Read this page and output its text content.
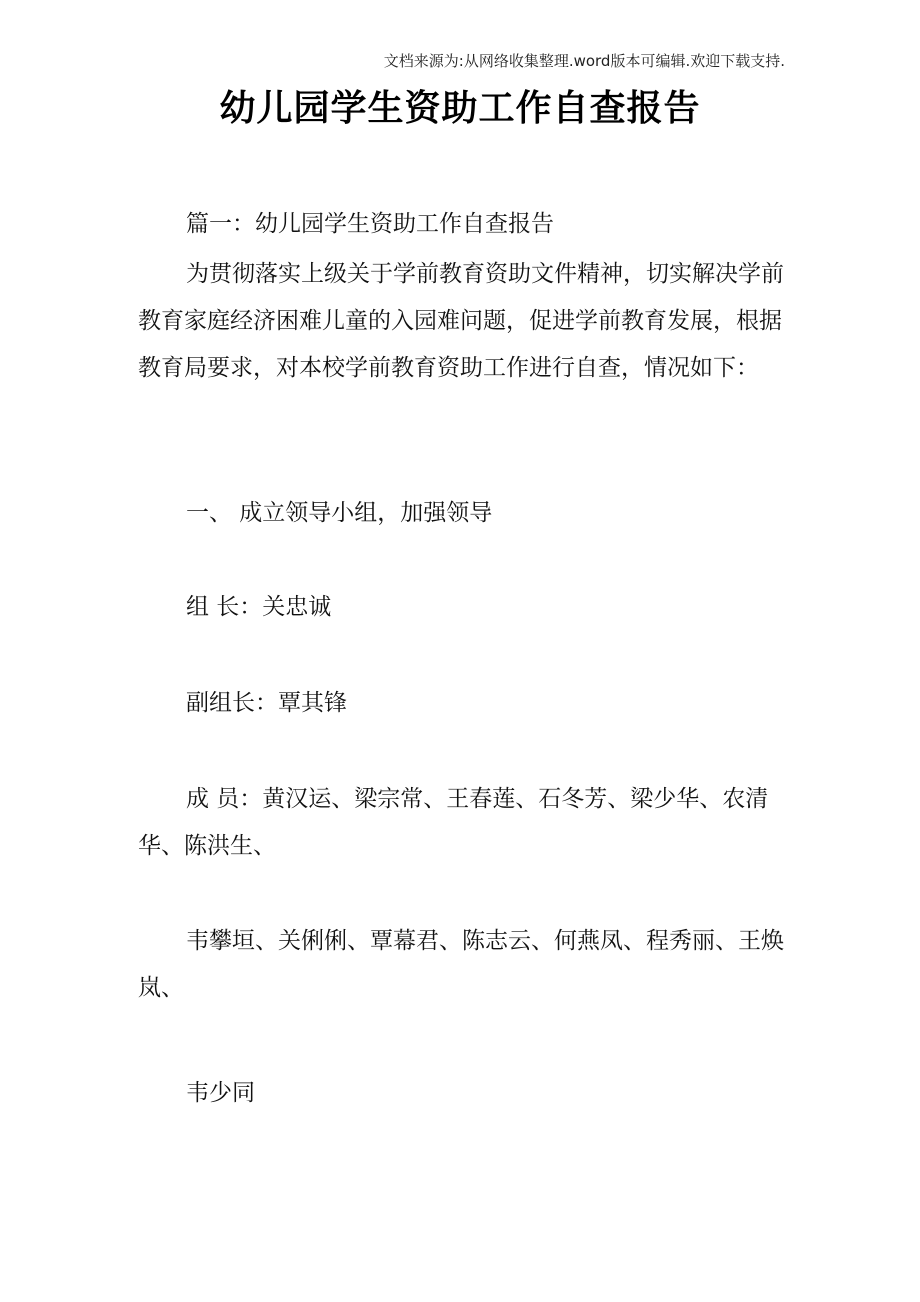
文档来源为:从网络收集整理.word版本可编辑.欢迎下载支持.
幼儿园学生资助工作自查报告
篇一：幼儿园学生资助工作自查报告
为贯彻落实上级关于学前教育资助文件精神，切实解决学前教育家庭经济困难儿童的入园难问题，促进学前教育发展，根据教育局要求，对本校学前教育资助工作进行自查，情况如下：
一、 成立领导小组，加强领导
组 长：关忠诚
副组长：覃其锋
成 员：黄汉运、梁宗常、王春莲、石冬芳、梁少华、农清华、陈洪生、
韦攀垣、关俐俐、覃幕君、陈志云、何燕凤、程秀丽、王焕岚、
韦少同
